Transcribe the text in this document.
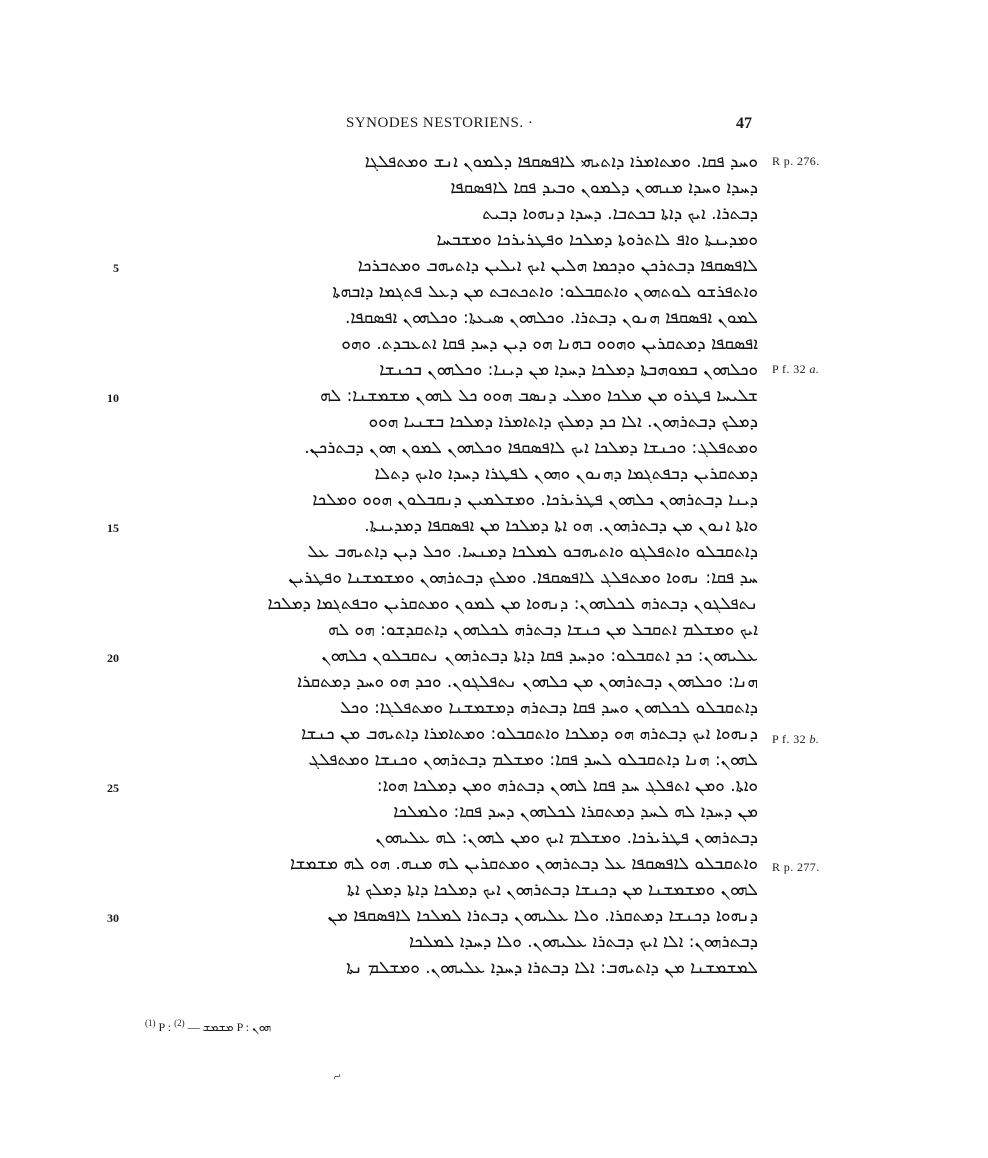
SYNODES NESTORIENS. ·	47
ܘܚܕ ܦܩܐ. ܘܡܬܐܡܪܐ ܕܐܬܝܗܝ ܠܐܦܣܩܦܐ ܕܠܡܘܢ ܐܢܫ ܘܡܬܦܠܓܐ
ܕܚܕܐ ܘܚܕܐ ܡܢܗܘܢ ܕܠܡܘܢ ܘܒܝܕ ܦܩܐ ܠܐܦܣܩܦܐ
ܕܒܬܪܐ. ܐܝܟ ܕܐܬܐ ܒܟܬܒܐ. ܕܚܕܐ ܕܢܗܘܐ ܕܒܝܬ
ܘܡܕܝܢܬܐ ܘܐܦ ܠܐܬܪܘܬܐ ܕܡܠܟܐ ܘܦܛܪܝܪܟܐ ܘܡܫܒܚܐ
ܠܐܦܣܩܦܐ ܕܒܬܪܟܢ ܘܕܟܡܐ ܗܠܝܢ ܐܝܟ ܐܝܠܝܢ ܕܐܬܝܗܒ ܘܡܬܒܪܟܐ
ܘܐܬܦܪܫܘ ܠܘܬܗܘܢ ܘܐܬܩܒܠܘ: ܘܐܬܟܬܒܬ ܡܢ ܕܥܠ ܦܬܓܡܐ ܕܐܒܗܬܐ
ܠܡܘܢ ܐܦܣܩܦܐ ܗܢܘܢ ܕܒܬܪܐ. ܘܟܠܗܘܢ ܣܝܥܬܐ: ܘܟܠܗܘܢ ܐܦܣܩܦܐ.
ܐܦܣܩܦܐ ܕܡܬܩܪܝܢ ܘܗܘܘ ܒܗܢܐ ܗܘ ܕܝܢ ܕܚܕ ܦܩܐ ܐܬܥܒܕܬ. ܘܗܘ
ܘܟܠܗܘܢ ܒܡܘܗܒܬܐ ܕܡܠܟܐ ܕܚܕܐ ܡܢ ܕܝܢܐ: ܘܟܠܗܘܢ ܒܟܢܫܐ
ܫܠܝܚܐ ܦܛܪܘ ܡܢ ܡܠܟܐ ܘܡܠܝ ܕܢܣܒ ܗܘܘ ܟܠ ܠܗܘܢ ܡܫܡܫܢܐ: ܠܗ
ܕܡܠܟ ܕܒܬܪܗܘܢ. ܐܠܐ ܟܕ ܕܡܠܟ ܕܐܬܐܡܪܐ ܕܡܠܟܐ ܒܫܢܝܐ ܗܘܘ
ܘܡܬܦܠܓ: ܘܟܢܫܐ ܕܡܠܟܐ ܐܝܟ ܠܐܦܣܩܦܐ ܘܟܠܗܘܢ ܠܡܘܢ ܗܘܢ ܕܒܬܪܟܢ.
ܕܡܬܩܪܝܢ ܕܒܦܬܓܡܐ ܕܗܢܘܢ ܘܗܘܢ ܠܦܛܪܐ ܕܚܕܐ ܘܐܝܟ ܕܬܠܐ
ܕܝܢܐ ܕܒܬܪܗܘܢ ܟܠܗܘܢ ܦܛܪܝܪܟܐ. ܘܡܫܠܡܝܢ ܕܢܩܒܠܘܢ ܗܘܘ ܘܡܠܟܐ
ܘܐܬܐ ܐܢܘܢ ܡܢ ܕܒܬܪܗܘܢ. ܗܘ ܐܬܐ ܕܡܠܟܐ ܡܢ ܐܦܣܩܦܐ ܕܡܕܝܢܬܐ.
ܕܐܬܩܒܠܘ ܘܐܬܦܠܓܘ ܘܐܬܝܗܒܘ ܠܡܠܟܐ ܕܡܢܚܐ. ܘܟܠ ܕܝܢ ܕܐܬܝܗܒ ܥܠ
ܚܕ ܦܩܐ: ܢܗܘܐ ܘܡܬܦܠܓ ܠܐܦܣܩܦܐ. ܘܡܠܟ ܕܒܬܪܗܘܢ ܘܡܫܡܫܢܐ ܘܦܛܪܝܢ
ܢܬܦܠܓܘܢ ܕܒܬܪܗ ܠܟܠܗܘܢ: ܕܢܗܘܐ ܡܢ ܠܡܘܢ ܘܡܬܩܪܝܢ ܘܒܦܬܓܡܐ ܕܡܠܟܐ
ܐܝܟ ܘܡܫܠܡ ܐܬܩܒܠ ܡܢ ܟܢܫܐ ܕܒܬܪܗ ܠܟܠܗܘܢ ܕܐܬܩܕܫܘ: ܗܘ ܠܗ
ܥܠܝܗܘܢ: ܟܕ ܐܬܩܒܠܘ: ܘܕܚܕ ܦܩܐ ܕܐܬܐ ܕܒܬܪܗܘܢ ܢܬܩܒܠܘܢ ܟܠܗܘܢ
ܗܢܐ: ܘܟܠܗܘܢ ܕܒܬܪܗܘܢ ܡܢ ܟܠܗܘܢ ܢܬܦܠܓܘܢ. ܘܟܕ ܗܘ ܘܚܕ ܕܡܬܩܪܐ
ܕܐܬܩܒܠܘ ܠܟܠܗܘܢ ܘܚܕ ܦܩܐ ܕܒܬܪܗ ܕܡܫܡܫܢܐ ܘܡܬܦܠܓܐ: ܘܟܠ
ܕܢܗܘܐ ܐܝܟ ܕܒܬܪܗ ܗܘ ܕܡܠܟܐ ܘܐܬܩܒܠܘ: ܘܡܬܐܡܪܐ ܕܐܬܝܗܒ ܡܢ ܟܢܫܐ
ܠܗܘܢ: ܗܢܐ ܕܐܬܩܒܠܘ ܠܚܕ ܦܩܐ: ܘܡܫܠܡ ܕܒܬܪܗܘܢ ܘܟܢܫܐ ܘܡܬܦܠܓ
ܘܐܬܐ. ܘܡܢ ܐܬܦܠܓ ܚܕ ܦܩܐ ܠܗܘܢ ܕܒܬܪܗ ܘܡܢ ܕܡܠܟܐ ܗܘܐ:
ܡܢ ܕܚܕܐ ܠܗ ܠܚܕ ܕܡܬܩܪܐ ܠܟܠܗܘܢ ܕܚܕ ܦܩܐ: ܘܠܡܠܟܐ
ܕܒܬܪܗܘܢ ܦܛܪܝܪܟܐ. ܘܡܫܠܡ ܐܝܟ ܘܡܢ ܠܗܘܢ: ܠܗ ܥܠܝܗܘܢ
ܘܐܬܩܒܠܘ ܠܐܦܣܩܦܐ ܥܠ ܕܒܬܪܗܘܢ ܘܡܬܩܪܝܢ ܠܗ ܡܢܗ. ܗܘ ܠܗ ܡܫܡܫܐ
ܠܗܘܢ ܘܡܫܡܫܢܐ ܡܢ ܕܟܢܫܐ ܕܒܬܪܗܘܢ ܐܝܟ ܕܡܠܟܐ ܕܐܬܐ ܕܡܠܟ ܐܬܐ
ܕܢܗܘܐ ܕܟܢܫܐ ܕܡܬܩܪܐ. ܘܠܐ ܥܠܝܗܘܢ ܕܒܬܪܐ ܠܡܠܟܐ ܠܐܦܣܩܦܐ ܡܢ
ܕܒܬܪܗܘܢ: ܐܠܐ ܐܝܟ ܕܒܬܪܐ ܥܠܝܗܘܢ. ܘܠܐ ܕܚܕܐ ܠܡܠܟܐ
ܠܡܫܡܫܢܐ ܡܢ ܕܐܬܝܗܒ: ܐܠܐ ܕܒܬܪܐ ܕܚܕܐ ܥܠܝܗܘܢ. ܘܡܫܠܡ ܢܬܐ
5
10
15
20
25
30
R p. 276.
P f. 32 a.
P f. 32 b.
R p. 277.
$^{(1)}$ P : ܡܫܡܫ — $^{(2)}$	P : ܗܘܢ
~
